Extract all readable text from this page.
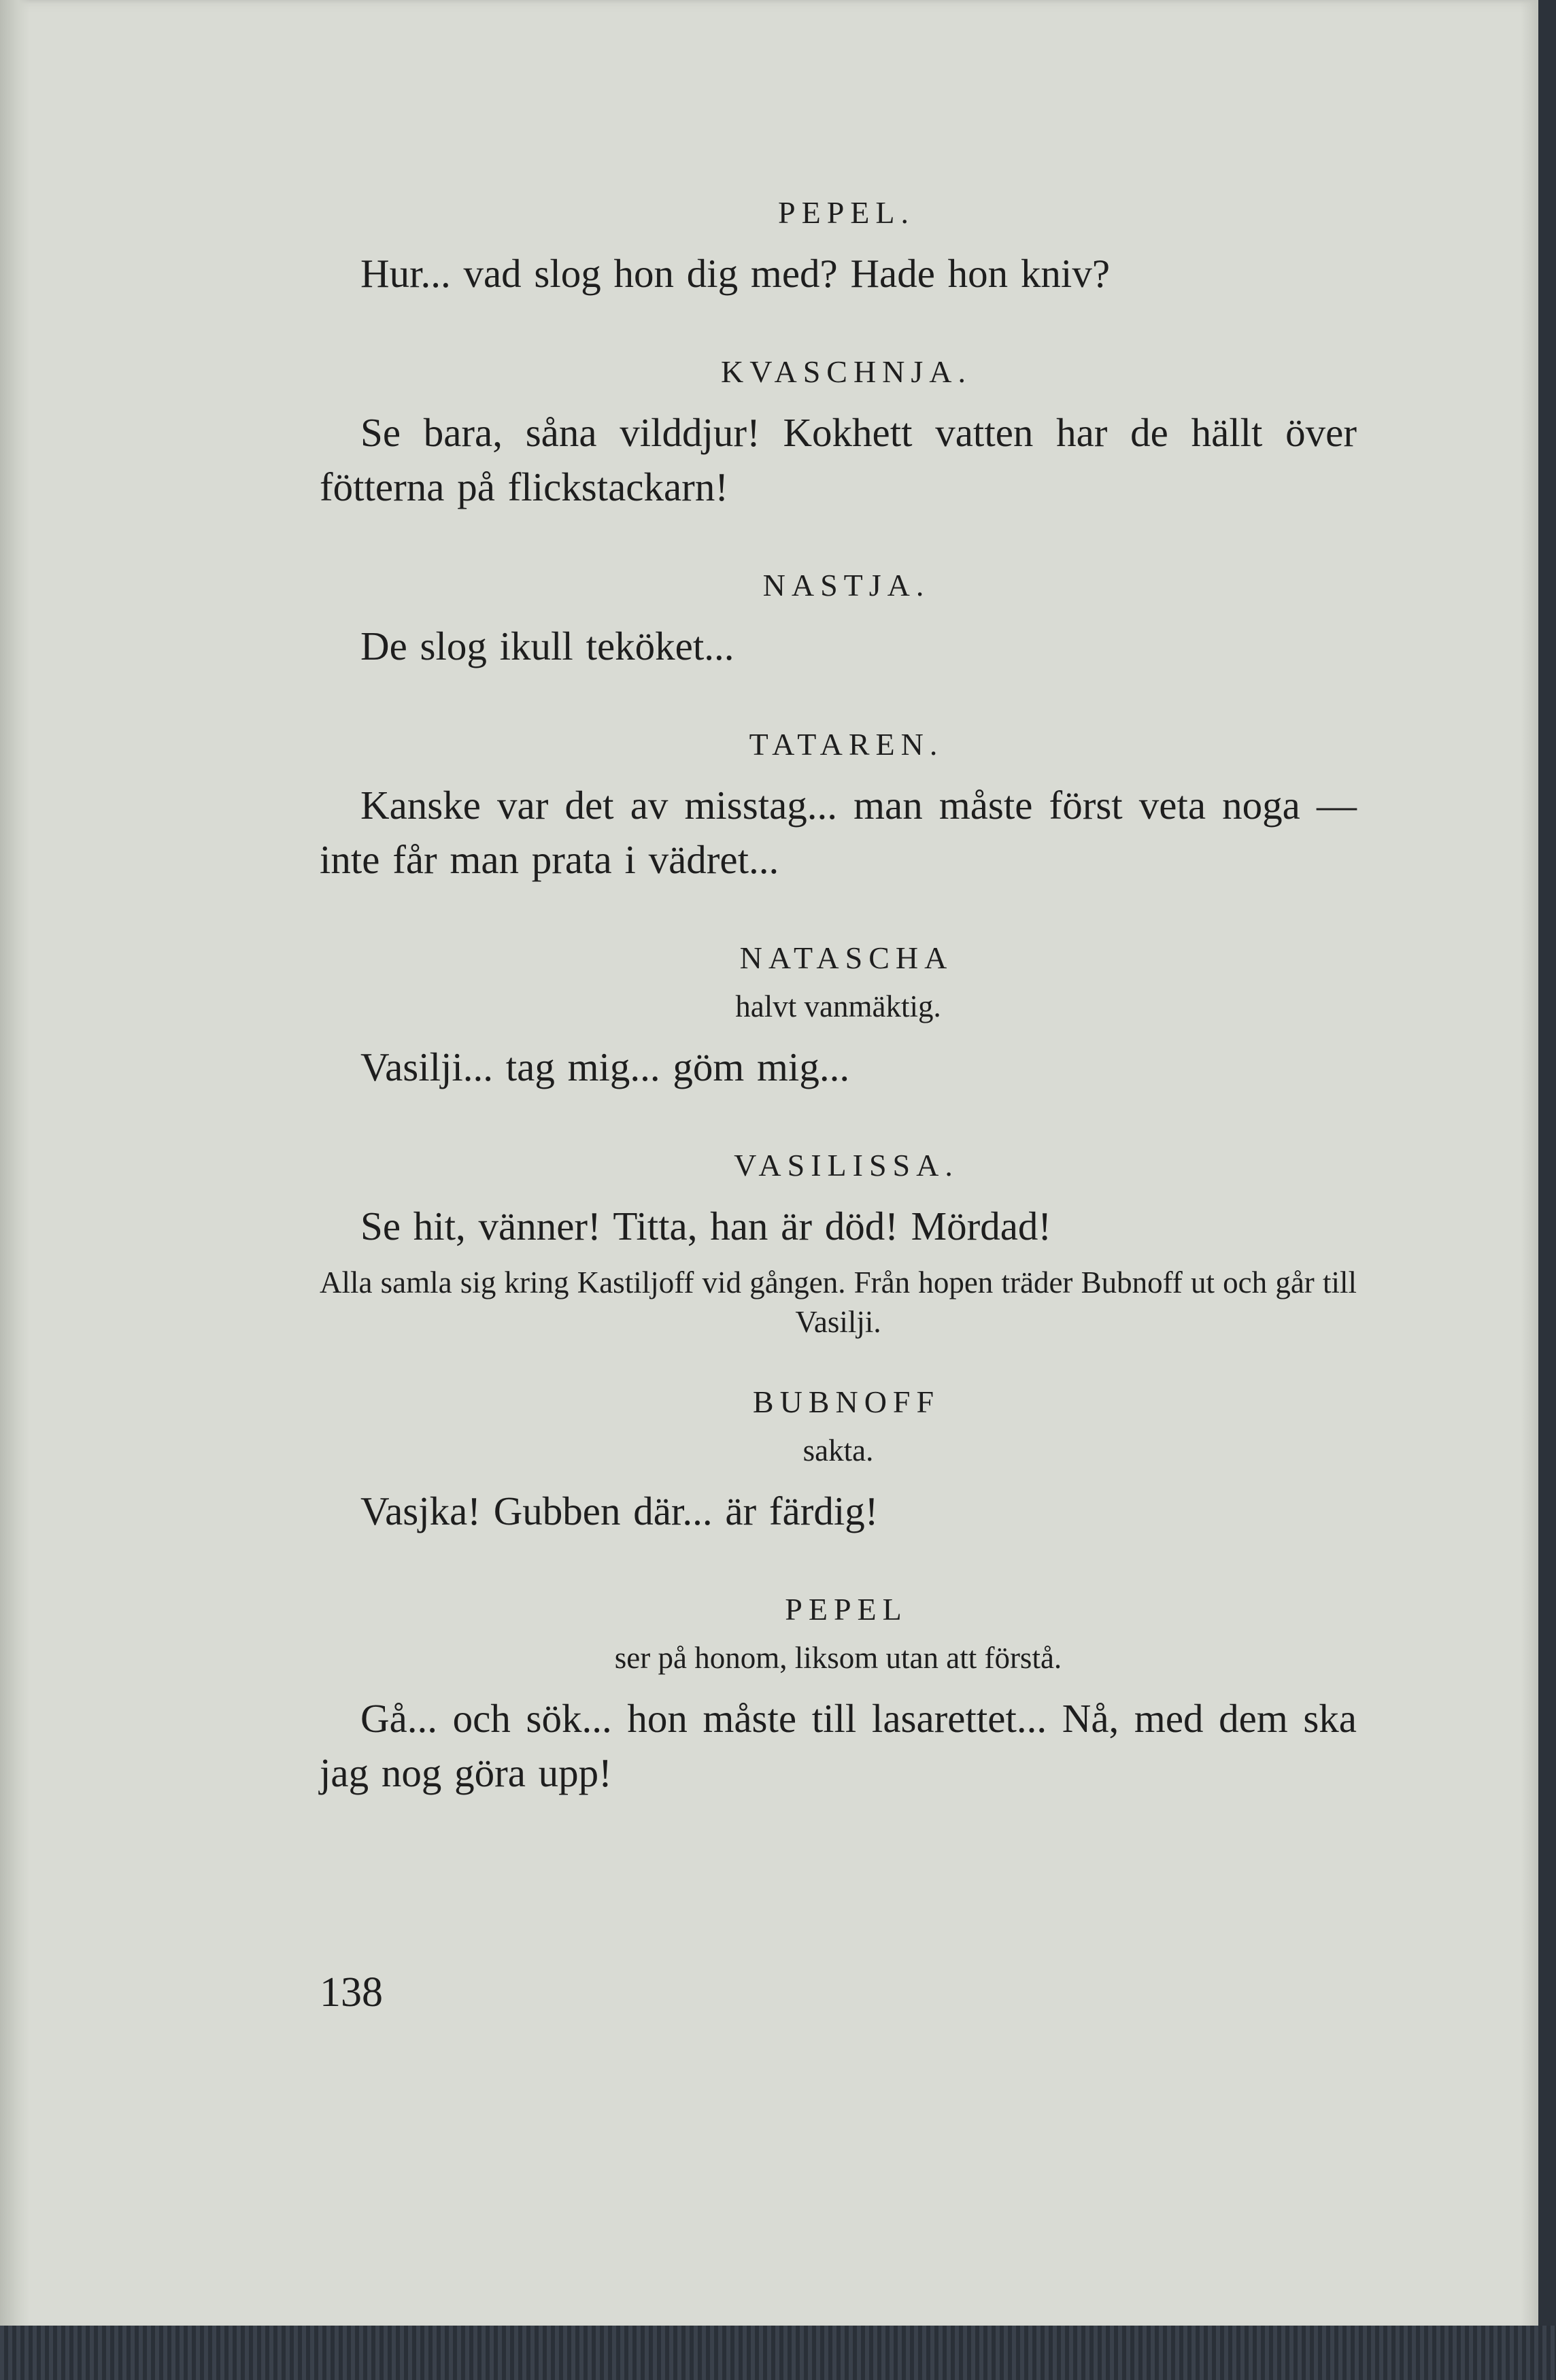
PEPEL.

Hur... vad slog hon dig med? Hade hon kniv?

KVASCHNJA.

Se bara, såna vilddjur! Kokhett vatten har de hällt över fötterna på flickstackarn!

NASTJA.

De slog ikull teköket...

TATAREN.

Kanske var det av misstag... man måste först veta noga — inte får man prata i vädret...

NATASCHA

halvt vanmäktig.

Vasilji... tag mig... göm mig...

VASILISSA.

Se hit, vänner! Titta, han är död! Mördad!

Alla samla sig kring Kastiljoff vid gången. Från hopen träder Bubnoff ut och går till Vasilji.

BUBNOFF

sakta.

Vasjka! Gubben där... är färdig!

PEPEL

ser på honom, liksom utan att förstå.

Gå... och sök... hon måste till lasarettet... Nå, med dem ska jag nog göra upp!

138
